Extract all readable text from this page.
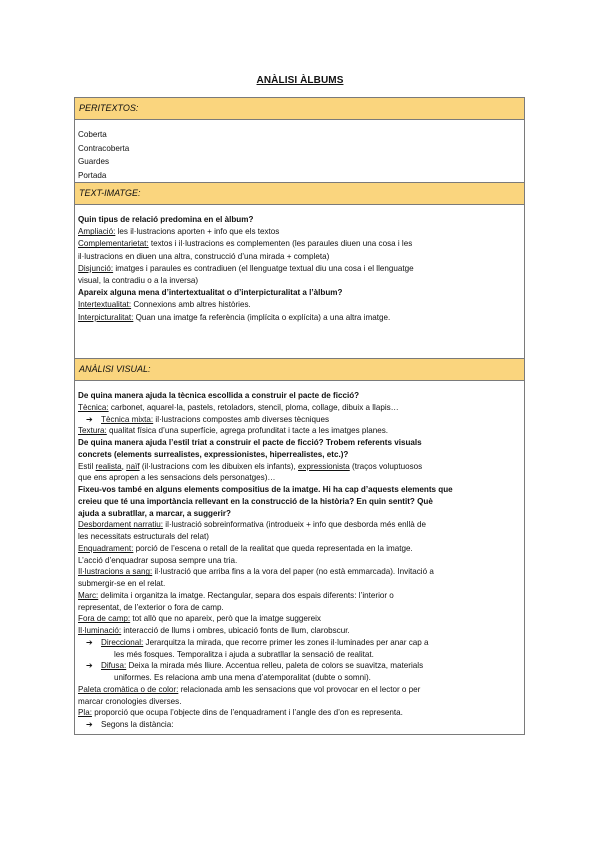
ANÀLISI ÀLBUMS
PERITEXTOS:
Coberta
Contracoberta
Guardes
Portada
TEXT-IMATGE:
Quin tipus de relació predomina en el àlbum?
Ampliació: les il·lustracions aporten + info que els textos
Complementarietat: textos i il·lustracions es complementen (les paraules diuen una cosa i les
il·lustracions en diuen una altra, construcció d’una mirada + completa)
Disjunció: imatges i paraules es contradiuen (el llenguatge textual diu una cosa i el llenguatge
visual, la contradiu o a la inversa)
Apareix alguna mena d’intertextualitat o d’interpicturalitat a l’àlbum?
Intertextualitat: Connexions amb altres històries.
Interpicturalitat: Quan una imatge fa referència (implícita o explícita) a una altra imatge.
ANÀLISI VISUAL:
De quina manera ajuda la tècnica escollida a construir el pacte de ficció?
Tècnica: carbonet, aquarel·la, pastels, retoladors, stencil, ploma, collage, dibuix a llapis…
➔ Tècnica mixta: il·lustracions compostes amb diverses tècniques
Textura: qualitat física d’una superfície, agrega profunditat i tacte a les imatges planes.
De quina manera ajuda l’estil triat a construir el pacte de ficció? Trobem referents visuals
concrets (elements surrealistes, expressionistes, hiperrealistes, etc.)?
Estil realista, naïf (il·lustracions com les dibuixen els infants), expressionista (traços voluptuosos
que ens apropen a les sensacions dels personatges)…
Fixeu-vos també en alguns elements compositius de la imatge. Hi ha cap d’aquests elements que
creieu que té una importància rellevant en la construcció de la història? En quin sentit? Què
ajuda a subratllar, a marcar, a suggerir?
Desbordament narratiu: il·lustració sobreinformativa (introdueix + info que desborda més enllà de
les necessitats estructurals del relat)
Enquadrament: porció de l’escena o retall de la realitat que queda representada en la imatge.
L’acció d’enquadrar suposa sempre una tria.
Il·lustracions a sang: il·lustració que arriba fins a la vora del paper (no està emmarcada). Invitació a
submergir-se en el relat.
Marc: delimita i organitza la imatge. Rectangular, separa dos espais diferents: l’interior o
representat, de l’exterior o fora de camp.
Fora de camp: tot allò que no apareix, però que la imatge suggereix
Il·luminació: interacció de llums i ombres, ubicació fonts de llum, clarobscur.
➔ Direccional: Jerarquitza la mirada, que recorre primer les zones il·luminades per anar cap a
les més fosques. Temporalitza i ajuda a subratllar la sensació de realitat.
➔ Difusa: Deixa la mirada més lliure. Accentua relleu, paleta de colors se suavitza, materials
uniformes. Es relaciona amb una mena d’atemporalitat (dubte o somni).
Paleta cromàtica o de color: relacionada amb les sensacions que vol provocar en el lector o per
marcar cronologies diverses.
Pla: proporció que ocupa l’objecte dins de l’enquadrament i l’angle des d’on es representa.
➔ Segons la distància:
